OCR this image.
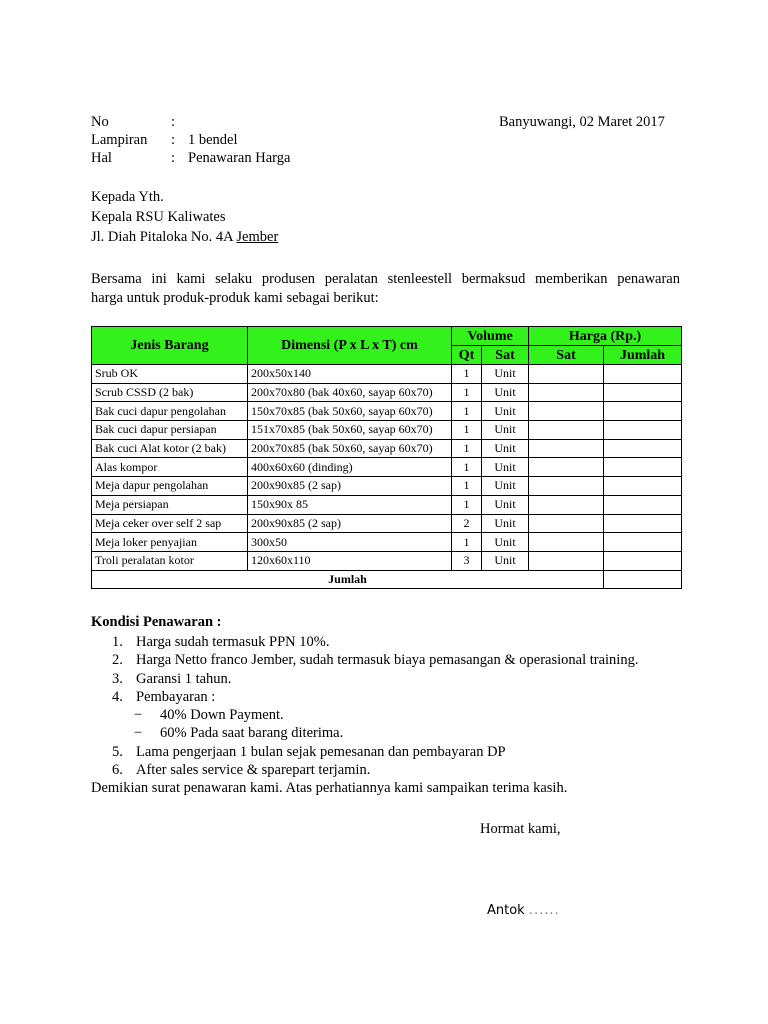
No	:
Lampiran	: 1 bendel
Hal	: Penawaran Harga
Banyuwangi, 02 Maret 2017
Kepada Yth.
Kepala RSU Kaliwates
Jl. Diah Pitaloka No. 4A Jember
Bersama ini kami selaku produsen peralatan stenleestell bermaksud memberikan penawaran
harga untuk produk-produk kami sebagai berikut:
Jenis Barang	Dimensi (P x L x T) cm	Volume		Harga (Rp.)	
		Qt	Sat	Sat	Jumlah
Srub OK	200x50x140	1	Unit		
Scrub CSSD (2 bak)	200x70x80 (bak 40x60, sayap 60x70)	1	Unit		
Bak cuci dapur pengolahan	150x70x85 (bak 50x60, sayap 60x70)	1	Unit		
Bak cuci dapur persiapan	151x70x85 (bak 50x60, sayap 60x70)	1	Unit		
Bak cuci Alat kotor (2 bak)	200x70x85 (bak 50x60, sayap 60x70)	1	Unit		
Alas kompor	400x60x60 (dinding)	1	Unit		
Meja dapur pengolahan	200x90x85 (2 sap)	1	Unit		
Meja persiapan	150x90x 85	1	Unit		
Meja ceker over self 2 sap	200x90x85 (2 sap)	2	Unit		
Meja loker penyajian	300x50	1	Unit		
Troli peralatan kotor	120x60x110	3	Unit		
Jumlah					
Kondisi Penawaran :
1. Harga sudah termasuk PPN 10%.
2. Harga Netto franco Jember, sudah termasuk biaya pemasangan & operasional training.
3. Garansi 1 tahun.
4. Pembayaran :
− 40% Down Payment.
− 60% Pada saat barang diterima.
5. Lama pengerjaan 1 bulan sejak pemesanan dan pembayaran DP
6. After sales service & sparepart terjamin.
Demikian surat penawaran kami. Atas perhatiannya kami sampaikan terima kasih.
Hormat kami,
Antok ......
